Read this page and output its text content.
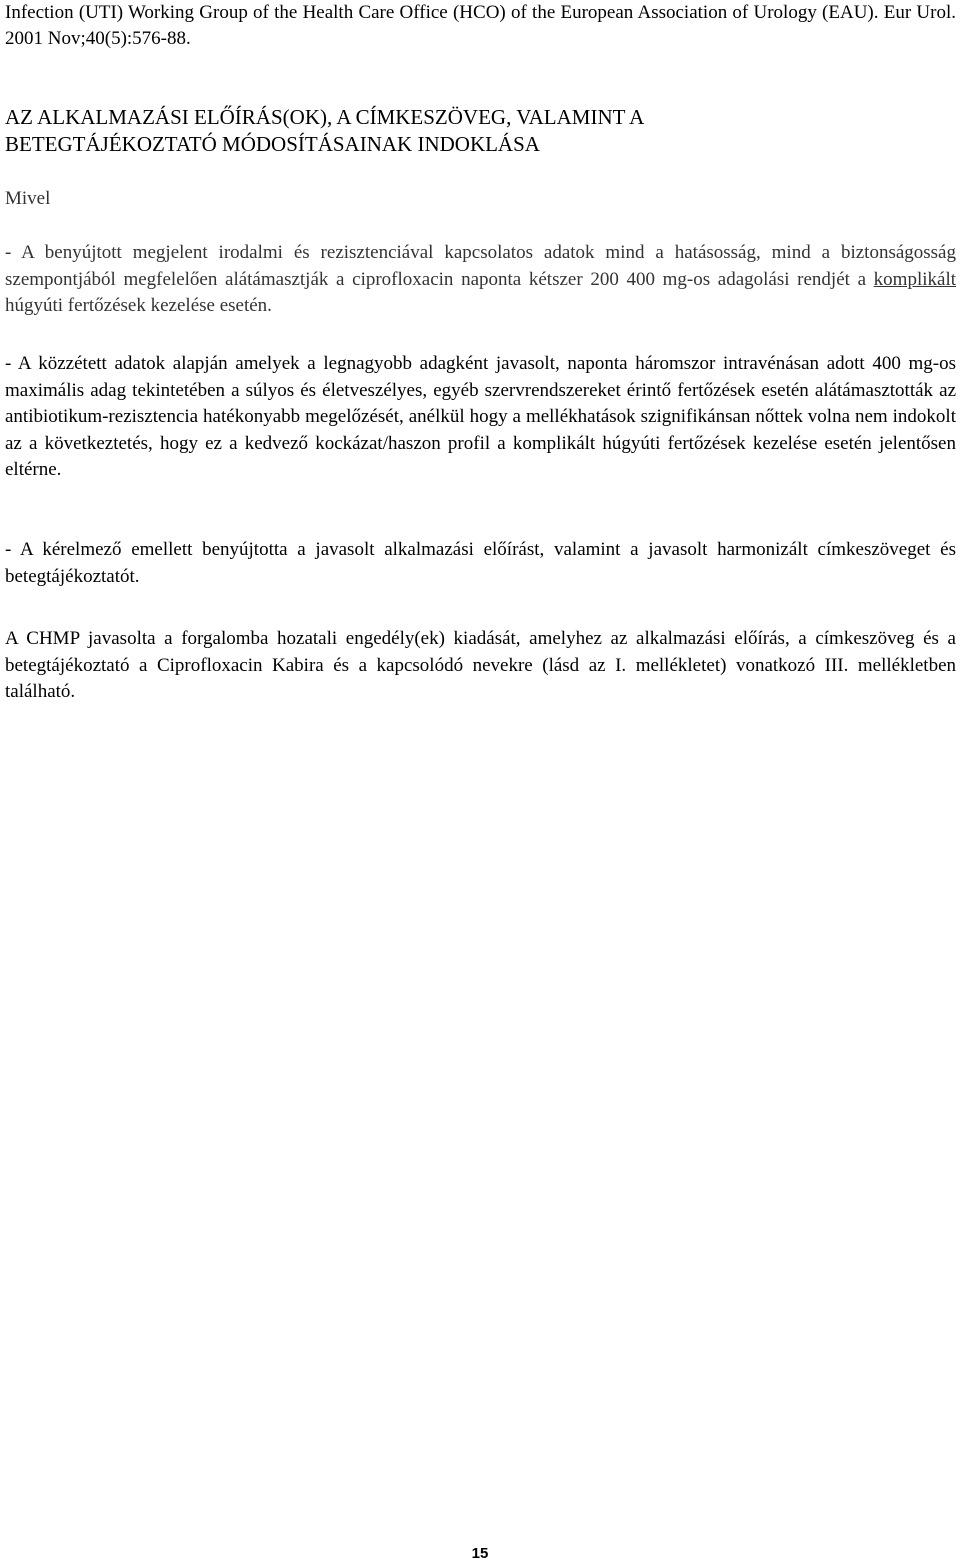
Infection (UTI) Working Group of the Health Care Office (HCO) of the European Association of Urology (EAU). Eur Urol. 2001 Nov;40(5):576-88.

AZ ALKALMAZÁSI ELŐÍRÁS(OK), A CÍMKESZÖVEG, VALAMINT A
BETEGTÁJÉKOZTATÓ MÓDOSÍTÁSAINAK INDOKLÁSA

Mivel

- A benyújtott megjelent irodalmi és rezisztenciával kapcsolatos adatok mind a hatásosság, mind a biztonságosság szempontjából megfelelően alátámasztják a ciprofloxacin naponta kétszer 200 400 mg-os adagolási rendjét a komplikált húgyúti fertőzések kezelése esetén.

- A közzétett adatok alapján amelyek a legnagyobb adagként javasolt, naponta háromszor intravénásan adott 400 mg-os maximális adag tekintetében a súlyos és életveszélyes, egyéb szervrendszereket érintő fertőzések esetén alátámasztották az antibiotikum-rezisztencia hatékonyabb megelőzését, anélkül hogy a mellékhatások szignifikánsan nőttek volna nem indokolt az a következtetés, hogy ez a kedvező kockázat/haszon profil a komplikált húgyúti fertőzések kezelése esetén jelentősen eltérne.

- A kérelmező emellett benyújtotta a javasolt alkalmazási előírást, valamint a javasolt harmonizált címkeszöveget és betegtájékoztatót.

A CHMP javasolta a forgalomba hozatali engedély(ek) kiadását, amelyhez az alkalmazási előírás, a címkeszöveg és a betegtájékoztató a Ciprofloxacin Kabira és a kapcsolódó nevekre (lásd az I. mellékletet) vonatkozó III. mellékletben található.

15
